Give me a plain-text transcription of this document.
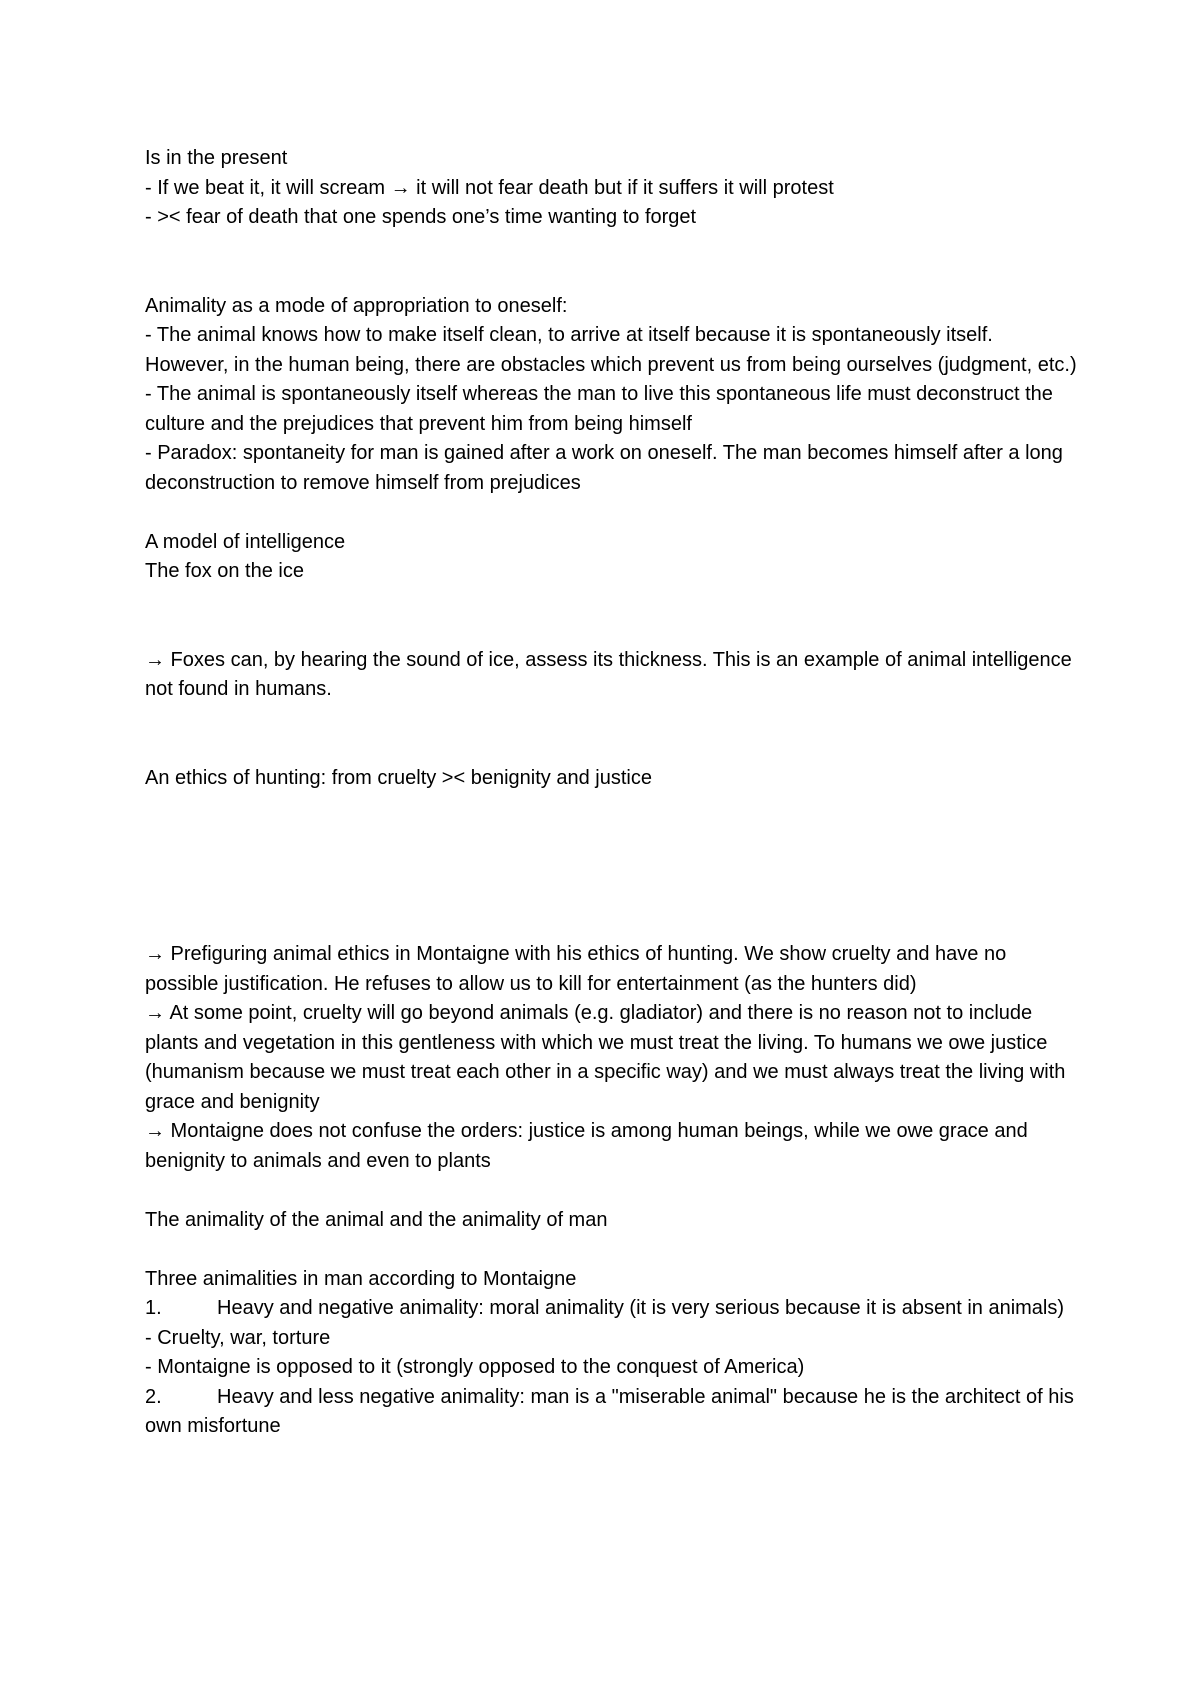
Is in the present
- If we beat it, it will scream → it will not fear death but if it suffers it will protest
- >< fear of death that one spends one’s time wanting to forget
Animality as a mode of appropriation to oneself:
- The animal knows how to make itself clean, to arrive at itself because it is spontaneously itself. However, in the human being, there are obstacles which prevent us from being ourselves (judgment, etc.)
- The animal is spontaneously itself whereas the man to live this spontaneous life must deconstruct the culture and the prejudices that prevent him from being himself
- Paradox: spontaneity for man is gained after a work on oneself. The man becomes himself after a long deconstruction to remove himself from prejudices
A model of intelligence
The fox on the ice
→ Foxes can, by hearing the sound of ice, assess its thickness. This is an example of animal intelligence not found in humans.
An ethics of hunting: from cruelty >< benignity and justice
→ Prefiguring animal ethics in Montaigne with his ethics of hunting. We show cruelty and have no possible justification. He refuses to allow us to kill for entertainment (as the hunters did)
→ At some point, cruelty will go beyond animals (e.g. gladiator) and there is no reason not to include plants and vegetation in this gentleness with which we must treat the living. To humans we owe justice (humanism because we must treat each other in a specific way) and we must always treat the living with grace and benignity
→ Montaigne does not confuse the orders: justice is among human beings, while we owe grace and benignity to animals and even to plants
The animality of the animal and the animality of man
Three animalities in man according to Montaigne
1.	Heavy and negative animality: moral animality (it is very serious because it is absent in animals)
- Cruelty, war, torture
- Montaigne is opposed to it (strongly opposed to the conquest of America)
2.	Heavy and less negative animality: man is a "miserable animal" because he is the architect of his own misfortune
